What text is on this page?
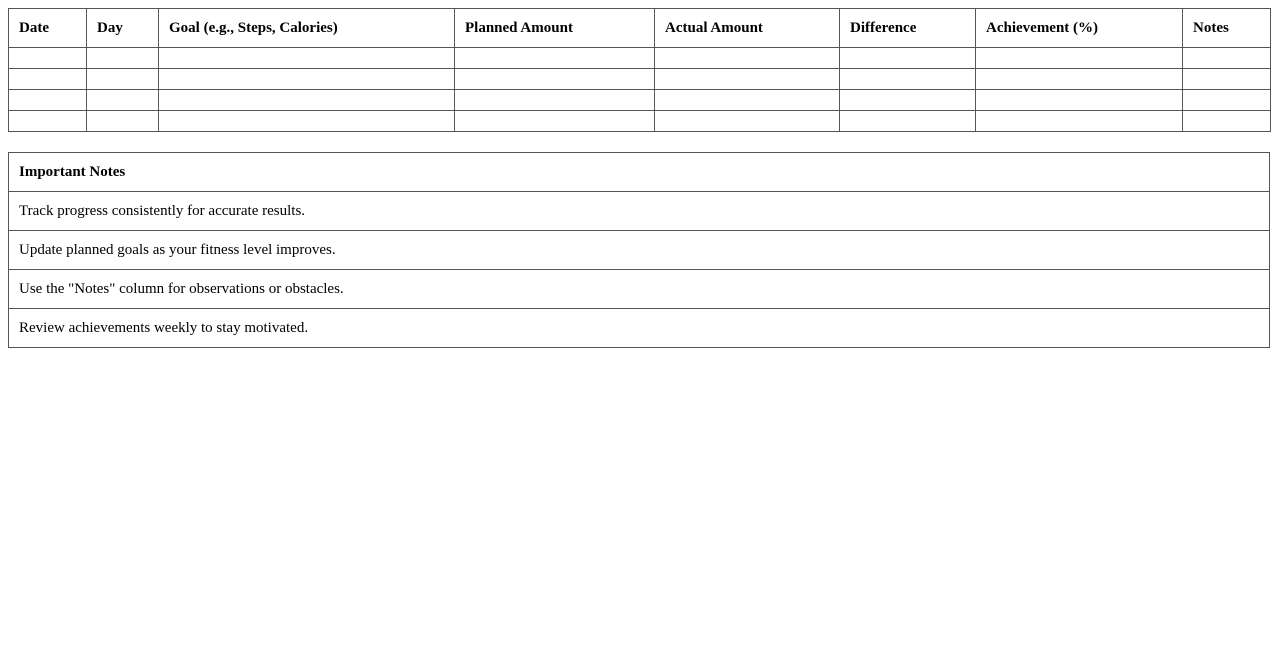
Date	Day	Goal (e.g., Steps, Calories)	Planned Amount	Actual Amount	Difference	Achievement (%)	Notes

Important Notes
Track progress consistently for accurate results.
Update planned goals as your fitness level improves.
Use the "Notes" column for observations or obstacles.
Review achievements weekly to stay motivated.
